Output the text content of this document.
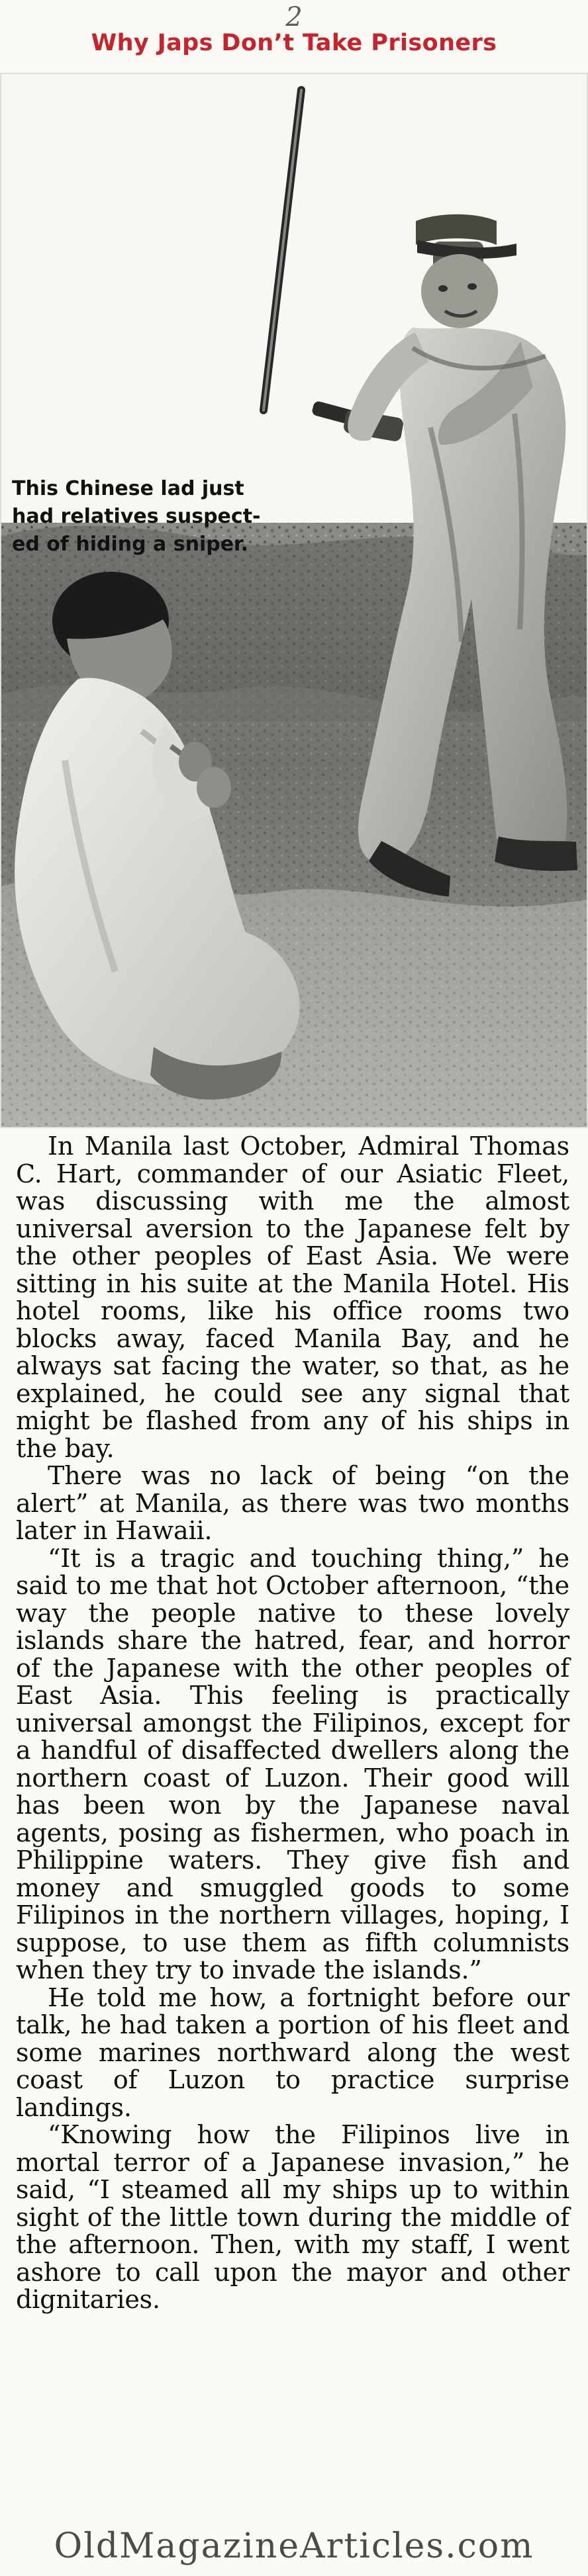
2
Why Japs Don’t Take Prisoners
This Chinese lad just
had relatives suspect-
ed of hiding a sniper.

In Manila last October, Admiral Thomas C. Hart, commander of our Asiatic Fleet, was discussing with me the almost universal aversion to the Japanese felt by the other peoples of East Asia. We were sitting in his suite at the Manila Hotel. His hotel rooms, like his office rooms two blocks away, faced Manila Bay, and he always sat facing the water, so that, as he explained, he could see any signal that might be flashed from any of his ships in the bay.

There was no lack of being “on the alert” at Manila, as there was two months later in Hawaii.

“It is a tragic and touching thing,” he said to me that hot October afternoon, “the way the people native to these lovely islands share the hatred, fear, and horror of the Japanese with the other peoples of East Asia. This feeling is practically universal amongst the Filipinos, except for a handful of disaffected dwellers along the northern coast of Luzon. Their good will has been won by the Japanese naval agents, posing as fishermen, who poach in Philippine waters. They give fish and money and smuggled goods to some Filipinos in the northern villages, hoping, I suppose, to use them as fifth columnists when they try to invade the islands.”

He told me how, a fortnight before our talk, he had taken a portion of his fleet and some marines northward along the west coast of Luzon to practice surprise landings.

“Knowing how the Filipinos live in mortal terror of a Japanese invasion,” he said, “I steamed all my ships up to within sight of the little town during the middle of the afternoon. Then, with my staff, I went ashore to call upon the mayor and other dignitaries.

OldMagazineArticles.com
